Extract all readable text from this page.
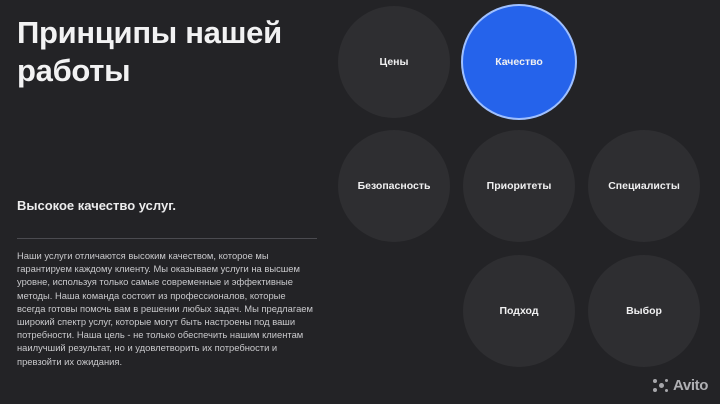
Принципы нашей работы
Высокое качество услуг.
Наши услуги отличаются высоким качеством, которое мы гарантируем каждому клиенту. Мы оказываем услуги на высшем уровне, используя только самые современные и эффективные методы. Наша команда состоит из профессионалов, которые всегда готовы помочь вам в решении любых задач. Мы предлагаем широкий спектр услуг, которые могут быть настроены под ваши потребности. Наша цель - не только обеспечить нашим клиентам наилучший результат, но и удовлетворить их потребности и превзойти их ожидания.
Цены	Качество
Безопасность	Приоритеты	Специалисты
Подход	Выбор
Avito
